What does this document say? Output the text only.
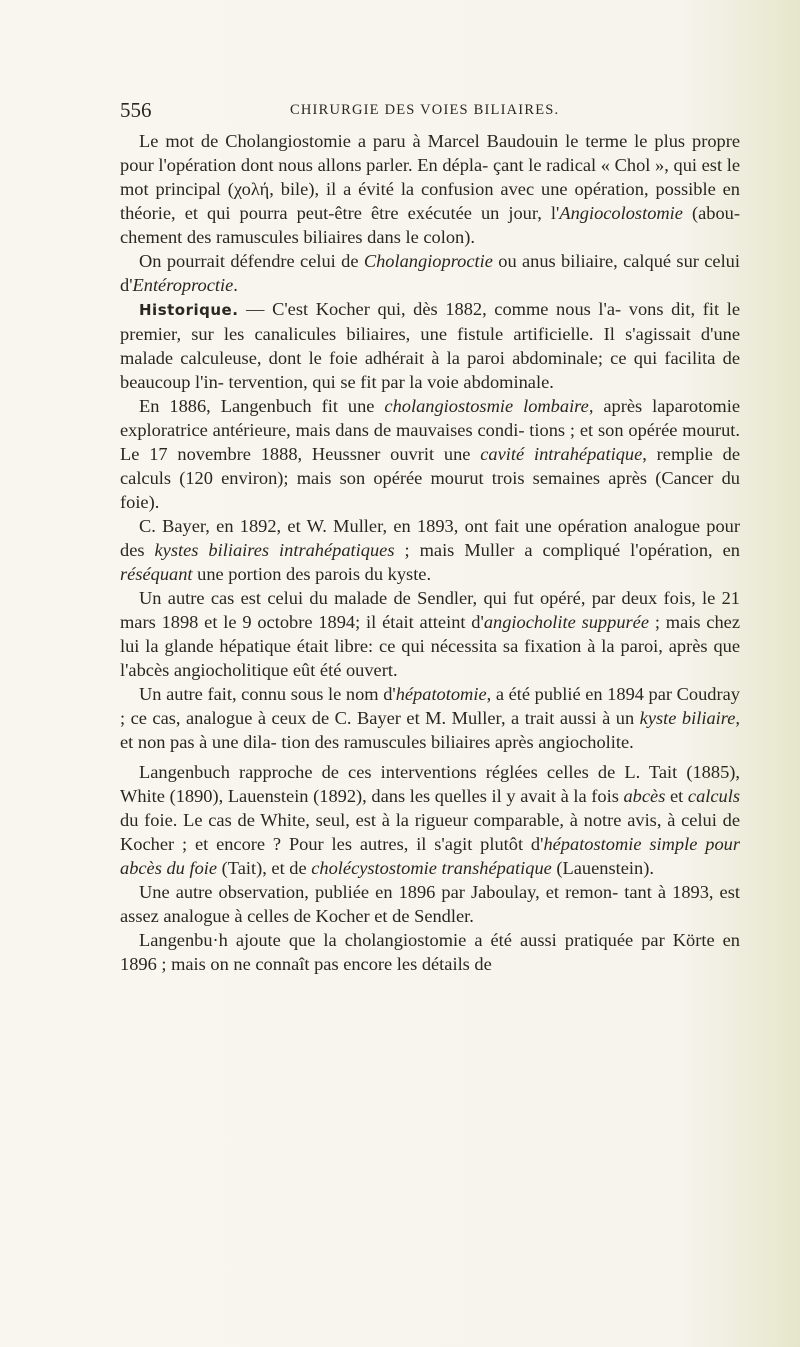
556	CHIRURGIE DES VOIES BILIAIRES.

Le mot de Cholangiostomie a paru à Marcel Baudouin le terme le plus propre pour l'opération dont nous allons parler. En dépla- çant le radical « Chol », qui est le mot principal (χολή, bile), il a évité la confusion avec une opération, possible en théorie, et qui pourra peut-être être exécutée un jour, l'Angiocolostomie (abou- chement des ramuscules biliaires dans le colon).

On pourrait défendre celui de Cholangioproctie ou anus biliaire, calqué sur celui d'Entéroproctie.

Historique. — C'est Kocher qui, dès 1882, comme nous l'a- vons dit, fit le premier, sur les canalicules biliaires, une fistule artificielle. Il s'agissait d'une malade calculeuse, dont le foie adhérait à la paroi abdominale; ce qui facilita de beaucoup l'in- tervention, qui se fit par la voie abdominale.

En 1886, Langenbuch fit une cholangiostosmie lombaire, après laparotomie exploratrice antérieure, mais dans de mauvaises condi- tions ; et son opérée mourut. Le 17 novembre 1888, Heussner ouvrit une cavité intrahépatique, remplie de calculs (120 environ); mais son opérée mourut trois semaines après (Cancer du foie).

C. Bayer, en 1892, et W. Muller, en 1893, ont fait une opération analogue pour des kystes biliaires intrahépatiques ; mais Muller a compliqué l'opération, en réséquant une portion des parois du kyste.

Un autre cas est celui du malade de Sendler, qui fut opéré, par deux fois, le 21 mars 1898 et le 9 octobre 1894; il était atteint d'angiocholite suppurée ; mais chez lui la glande hépatique était libre: ce qui nécessita sa fixation à la paroi, après que l'abcès angiocholitique eût été ouvert.

Un autre fait, connu sous le nom d'hépatotomie, a été publié en 1894 par Coudray ; ce cas, analogue à ceux de C. Bayer et M. Muller, a trait aussi à un kyste biliaire, et non pas à une dila- tion des ramuscules biliaires après angiocholite.

Langenbuch rapproche de ces interventions réglées celles de L. Tait (1885), White (1890), Lauenstein (1892), dans les quelles il y avait à la fois abcès et calculs du foie. Le cas de White, seul, est à la rigueur comparable, à notre avis, à celui de Kocher ; et encore ? Pour les autres, il s'agit plutôt d'hépatostomie simple pour abcès du foie (Tait), et de cholécystostomie transhépatique (Lauenstein).

Une autre observation, publiée en 1896 par Jaboulay, et remon- tant à 1893, est assez analogue à celles de Kocher et de Sendler.

Langenbu·h ajoute que la cholangiostomie a été aussi pratiquée par Körte en 1896 ; mais on ne connaît pas encore les détails de
